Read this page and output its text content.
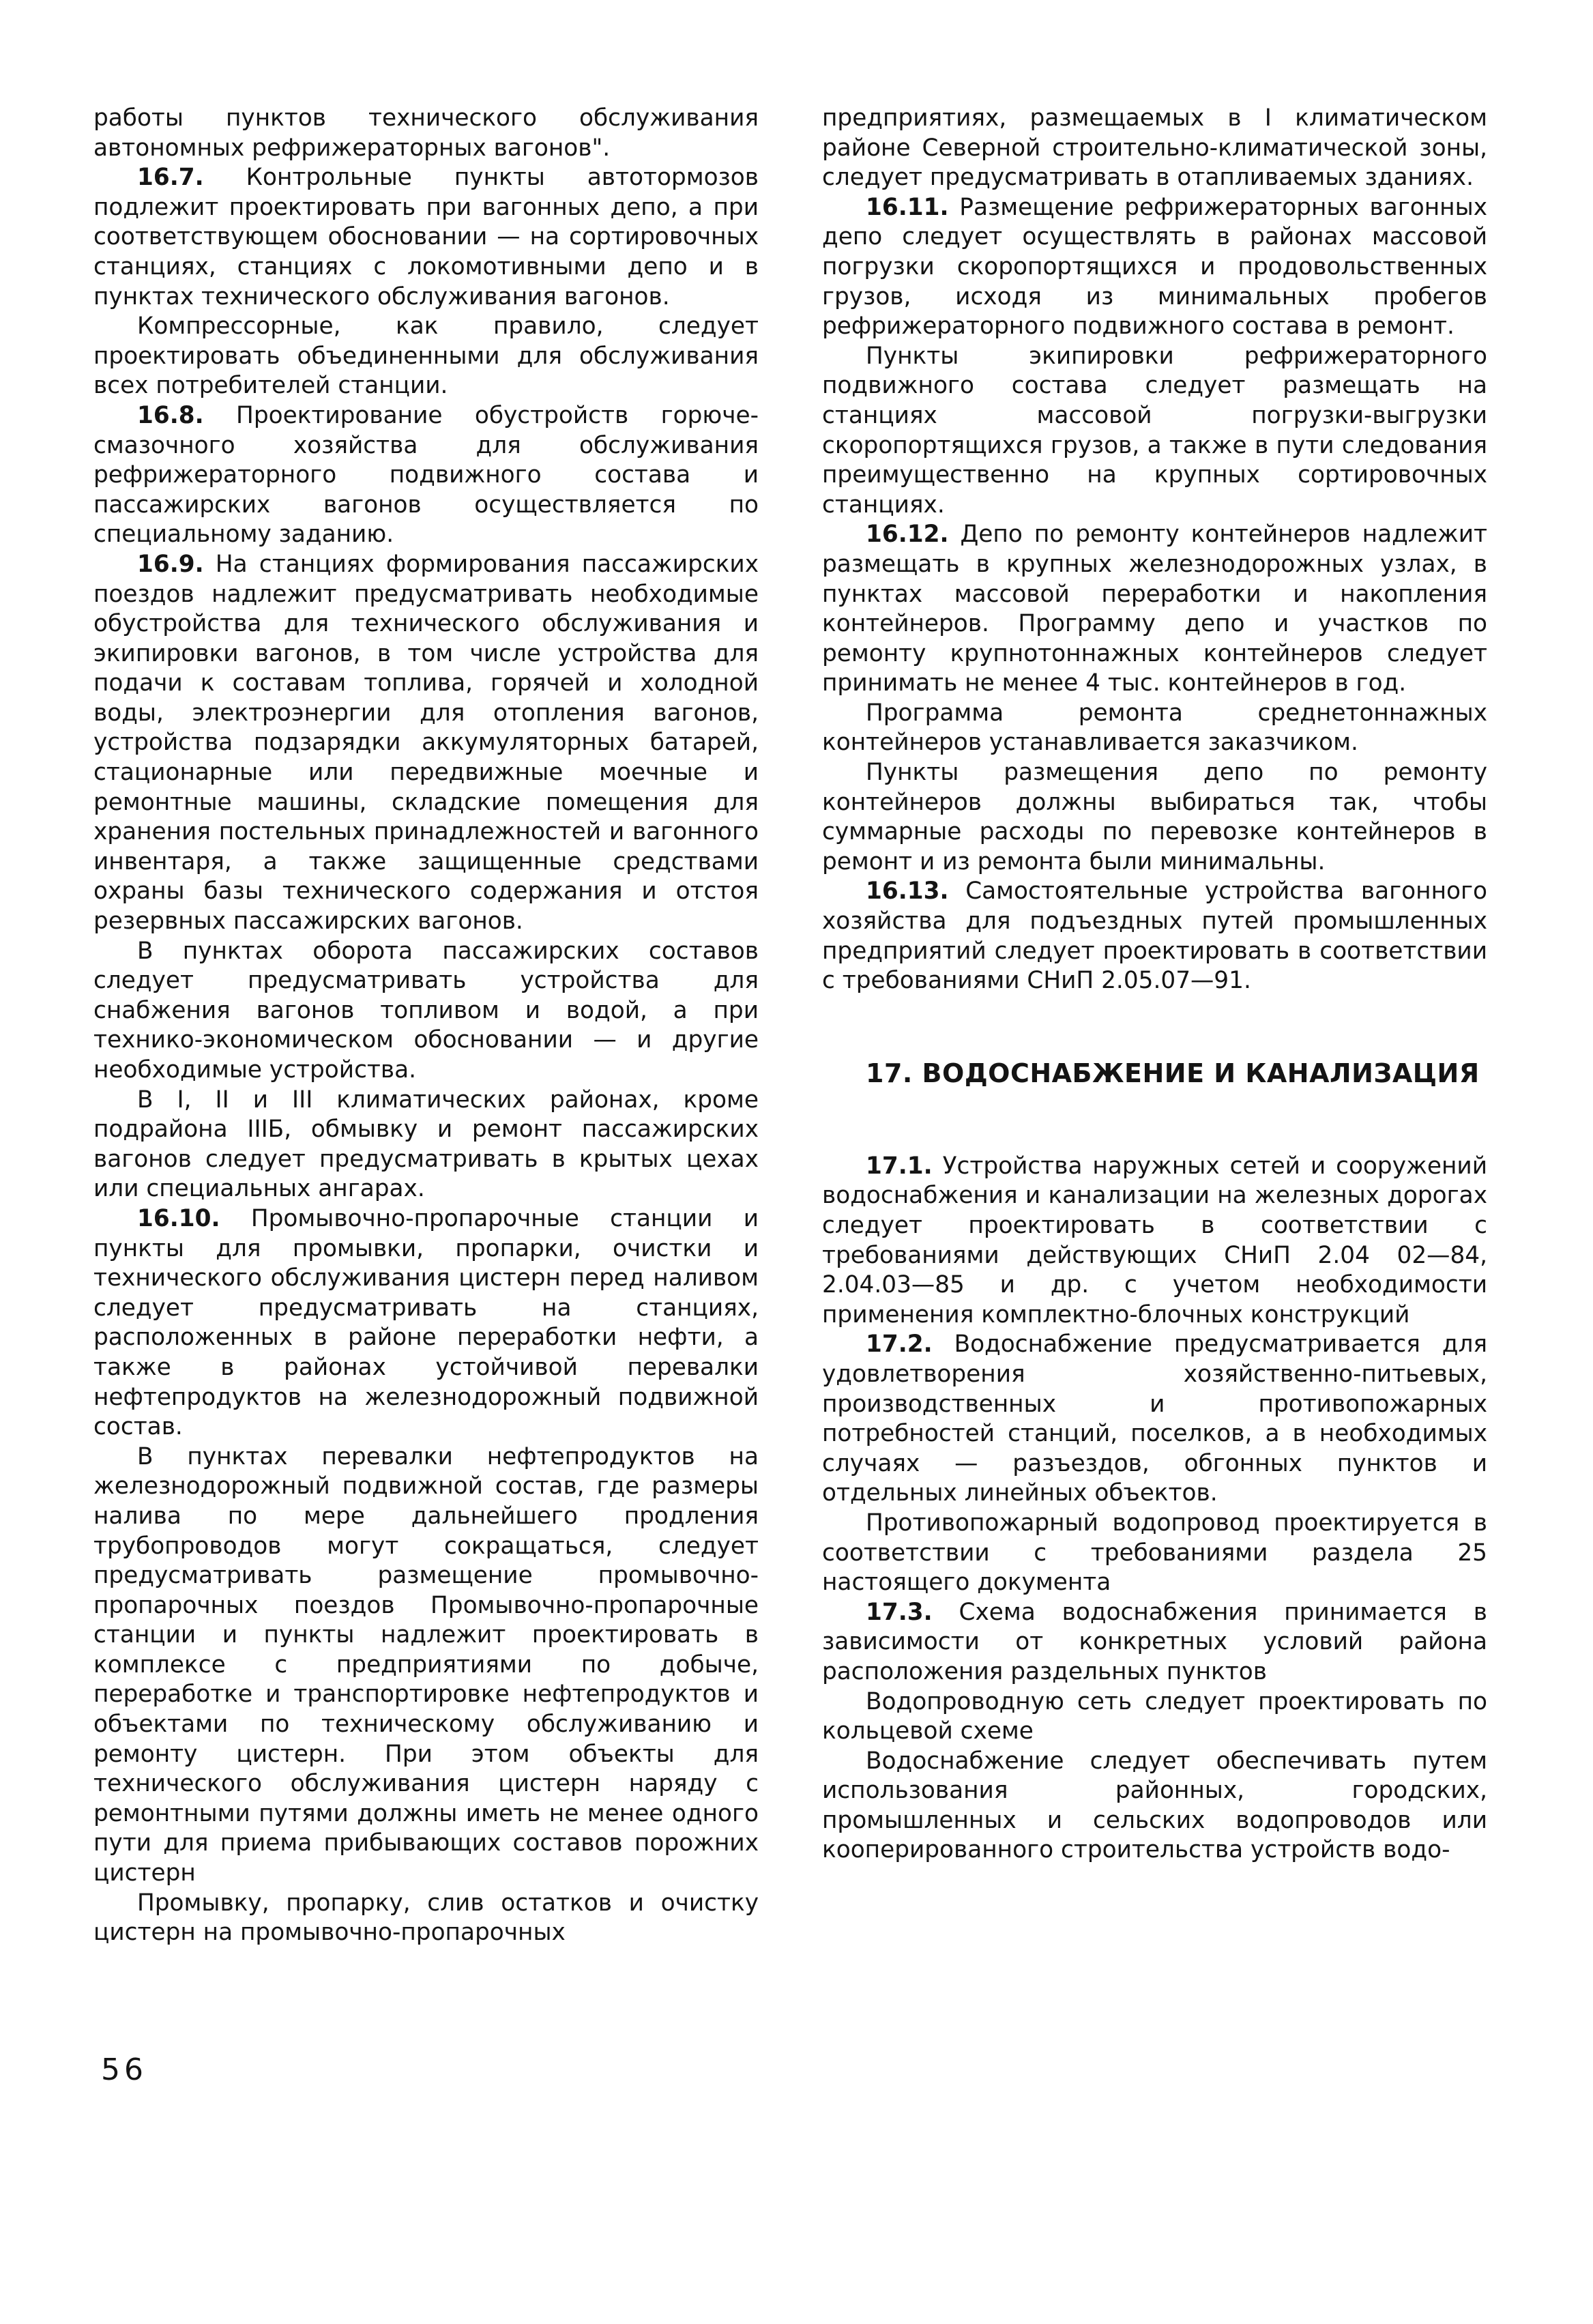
работы пунктов технического обслуживания автономных рефрижераторных вагонов".

16.7. Контрольные пункты автотормозов подлежит проектировать при вагонных депо, а при соответствующем обосновании — на сортировочных станциях, станциях с локомотивными депо и в пунктах технического обслуживания вагонов.

Компрессорные, как правило, следует проектировать объединенными для обслуживания всех потребителей станции.

16.8. Проектирование обустройств горюче-смазочного хозяйства для обслуживания рефрижераторного подвижного состава и пассажирских вагонов осуществляется по специальному заданию.

16.9. На станциях формирования пассажирских поездов надлежит предусматривать необходимые обустройства для технического обслуживания и экипировки вагонов, в том числе устройства для подачи к составам топлива, горячей и холодной воды, электроэнергии для отопления вагонов, устройства подзарядки аккумуляторных батарей, стационарные или передвижные моечные и ремонтные машины, складские помещения для хранения постельных принадлежностей и вагонного инвентаря, а также защищенные средствами охраны базы технического содержания и отстоя резервных пассажирских вагонов.

В пунктах оборота пассажирских составов следует предусматривать устройства для снабжения вагонов топливом и водой, а при технико-экономическом обосновании — и другие необходимые устройства.

В I, II и III климатических районах, кроме подрайона IIIБ, обмывку и ремонт пассажирских вагонов следует предусматривать в крытых цехах или специальных ангарах.

16.10. Промывочно-пропарочные станции и пункты для промывки, пропарки, очистки и технического обслуживания цистерн перед наливом следует предусматривать на станциях, расположенных в районе переработки нефти, а также в районах устойчивой перевалки нефтепродуктов на железнодорожный подвижной состав.

В пунктах перевалки нефтепродуктов на железнодорожный подвижной состав, где размеры налива по мере дальнейшего продления трубопроводов могут сокращаться, следует предусматривать размещение промывочно-пропарочных поездов Промывочно-пропарочные станции и пункты надлежит проектировать в комплексе с предприятиями по добыче, переработке и транспортировке нефтепродуктов и объектами по техническому обслуживанию и ремонту цистерн. При этом объекты для технического обслуживания цистерн наряду с ремонтными путями должны иметь не менее одного пути для приема прибывающих составов порожних цистерн

Промывку, пропарку, слив остатков и очистку цистерн на промывочно-пропарочных

предприятиях, размещаемых в I климатическом районе Северной строительно-климатической зоны, следует предусматривать в отапливаемых зданиях.

16.11. Размещение рефрижераторных вагонных депо следует осуществлять в районах массовой погрузки скоропортящихся и продовольственных грузов, исходя из минимальных пробегов рефрижераторного подвижного состава в ремонт.

Пункты экипировки рефрижераторного подвижного состава следует размещать на станциях массовой погрузки-выгрузки скоропортящихся грузов, а также в пути следования преимущественно на крупных сортировочных станциях.

16.12. Депо по ремонту контейнеров надлежит размещать в крупных железнодорожных узлах, в пунктах массовой переработки и накопления контейнеров. Программу депо и участков по ремонту крупнотоннажных контейнеров следует принимать не менее 4 тыс. контейнеров в год.

Программа ремонта среднетоннажных контейнеров устанавливается заказчиком.

Пункты размещения депо по ремонту контейнеров должны выбираться так, чтобы суммарные расходы по перевозке контейнеров в ремонт и из ремонта были минимальны.

16.13. Самостоятельные устройства вагонного хозяйства для подъездных путей промышленных предприятий следует проектировать в соответствии с требованиями СНиП 2.05.07—91.

17. ВОДОСНАБЖЕНИЕ И КАНАЛИЗАЦИЯ

17.1. Устройства наружных сетей и сооружений водоснабжения и канализации на железных дорогах следует проектировать в соответствии с требованиями действующих СНиП 2.04 02—84, 2.04.03—85 и др. с учетом необходимости применения комплектно-блочных конструкций

17.2. Водоснабжение предусматривается для удовлетворения хозяйственно-питьевых, производственных и противопожарных потребностей станций, поселков, а в необходимых случаях — разъездов, обгонных пунктов и отдельных линейных объектов.

Противопожарный водопровод проектируется в соответствии с требованиями раздела 25 настоящего документа

17.3. Схема водоснабжения принимается в зависимости от конкретных условий района расположения раздельных пунктов

Водопроводную сеть следует проектировать по кольцевой схеме

Водоснабжение следует обеспечивать путем использования районных, городских, промышленных и сельских водопроводов или кооперированного строительства устройств водо-

56
